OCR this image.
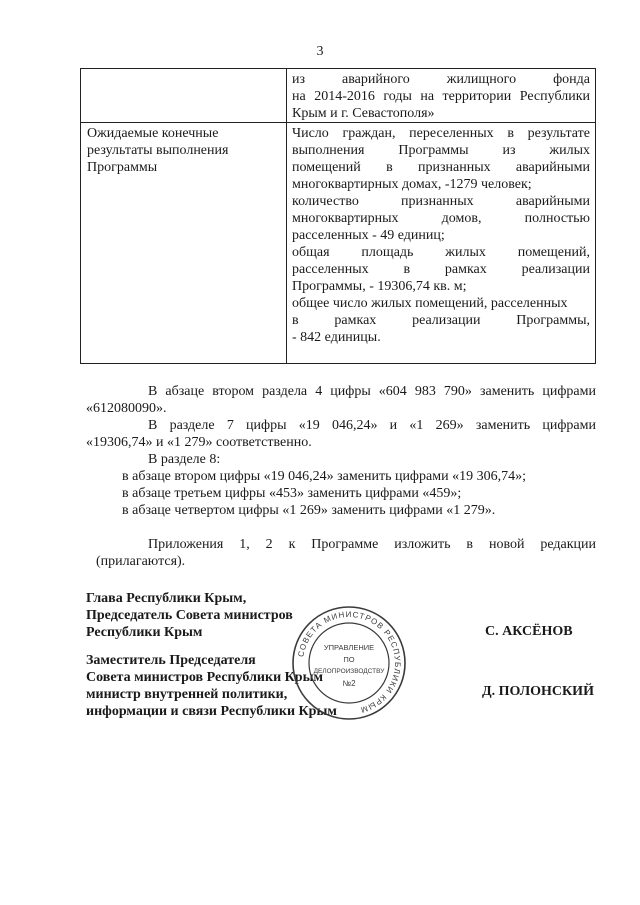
3
из аварийного жилищного фонда
на 2014-2016 годы на территории Республики
Крым и г. Севастополя»
Ожидаемые конечные
результаты выполнения
Программы
Число граждан, переселенных в результате
выполнения Программы из жилых
помещений в признанных аварийными
многоквартирных домах, -1279 человек;
количество признанных аварийными
многоквартирных домов, полностью
расселенных - 49 единиц;
общая площадь жилых помещений,
расселенных в рамках реализации
Программы, - 19306,74 кв. м;
общее число жилых помещений, расселенных
в рамках реализации Программы,
- 842 единицы.
В абзаце втором раздела 4 цифры «604 983 790» заменить цифрами
«612080090».
В разделе 7 цифры «19 046,24» и «1 269» заменить цифрами
«19306,74» и «1 279» соответственно.
В разделе 8:
в абзаце втором цифры «19 046,24» заменить цифрами «19 306,74»;
в абзаце третьем цифры «453» заменить цифрами «459»;
в абзаце четвертом цифры «1 269» заменить цифрами «1 279».
Приложения 1, 2 к Программе изложить в новой редакции
(прилагаются).
Глава Республики Крым,
Председатель Совета министров
Республики Крым	С. АКСЁНОВ
Заместитель Председателя
Совета министров Республики Крым
министр внутренней политики,
информации и связи Республики Крым
Д. ПОЛОНСКИЙ
СОВЕТА МИНИСТРОВ РЕСПУБЛИКИ КРЫМ
УПРАВЛЕНИЕ
ПО
ДЕЛОПРОИЗВОДСТВУ
№2
